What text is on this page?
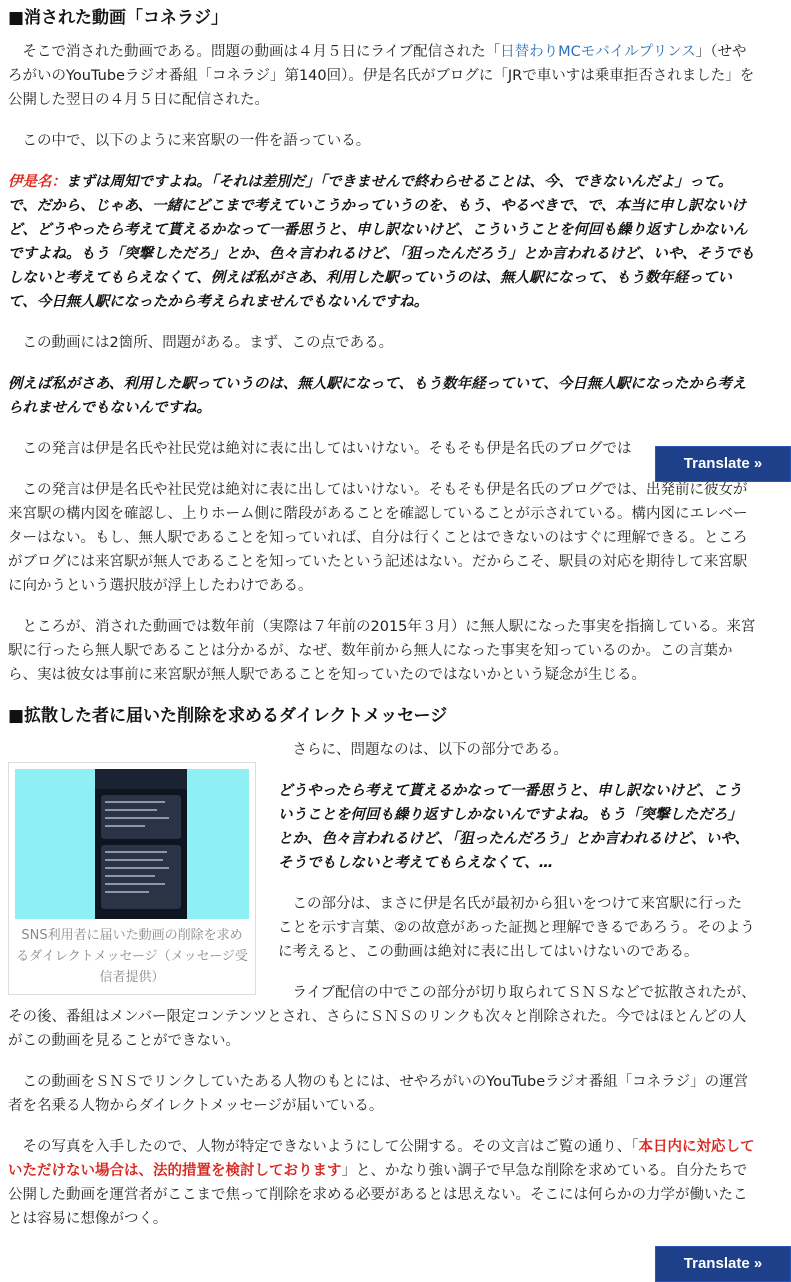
■消された動画「コネラジ」

そこで消された動画である。問題の動画は４月５日にライブ配信された「日替わりMCモバイルプリンス」（せやろがいのYouTubeラジオ番組「コネラジ」第140回）。伊是名氏がブログに「JRで車いすは乗車拒否されました」を公開した翌日の４月５日に配信された。

この中で、以下のように来宮駅の一件を語っている。

伊是名：まずは周知ですよね。「それは差別だ」「できませんで終わらせることは、今、できないんだよ」って。で、だから、じゃあ、一緒にどこまで考えていこうかっていうのを、もう、やるべきで、で、本当に申し訳ないけど、どうやったら考えて貰えるかなって一番思うと、申し訳ないけど、こういうことを何回も繰り返すしかないんですよね。もう「突撃しただろ」とか、色々言われるけど、「狙ったんだろう」とか言われるけど、いや、そうでもしないと考えてもらえなくて、例えば私がさあ、利用した駅っていうのは、無人駅になって、もう数年経っていて、今日無人駅になったから考えられませんでもないんですね。

この動画には2箇所、問題がある。まず、この点である。

例えば私がさあ、利用した駅っていうのは、無人駅になって、もう数年経っていて、今日無人駅になったから考えられませんでもないんですね。

この発言は伊是名氏や社民党は絶対に表に出してはいけない。そもそも伊是名氏のブログでは

この発言は伊是名氏や社民党は絶対に表に出してはいけない。そもそも伊是名氏のブログでは、出発前に彼女が来宮駅の構内図を確認し、上りホーム側に階段があることを確認していることが示されている。構内図にエレベーターはない。もし、無人駅であることを知っていれば、自分は行くことはできないのはすぐに理解できる。ところがブログには来宮駅が無人であることを知っていたという記述はない。だからこそ、駅員の対応を期待して来宮駅に向かうという選択肢が浮上したわけである。

ところが、消された動画では数年前（実際は７年前の2015年３月）に無人駅になった事実を指摘している。来宮駅に行ったら無人駅であることは分かるが、なぜ、数年前から無人になった事実を知っているのか。この言葉から、実は彼女は事前に来宮駅が無人駅であることを知っていたのではないかという疑念が生じる。

■拡散した者に届いた削除を求めるダイレクトメッセージ
SNS利用者に届いた動画の削除を求めるダイレクトメッセージ（メッセージ受信者提供）

さらに、問題なのは、以下の部分である。

どうやったら考えて貰えるかなって一番思うと、申し訳ないけど、こういうことを何回も繰り返すしかないんですよね。もう「突撃しただろ」とか、色々言われるけど、「狙ったんだろう」とか言われるけど、いや、そうでもしないと考えてもらえなくて、…

この部分は、まさに伊是名氏が最初から狙いをつけて来宮駅に行ったことを示す言葉、②の故意があった証拠と理解できるであろう。そのように考えると、この動画は絶対に表に出してはいけないのである。

ライブ配信の中でこの部分が切り取られてＳＮＳなどで拡散されたが、その後、番組はメンバー限定コンテンツとされ、さらにＳＮＳのリンクも次々と削除された。今ではほとんどの人がこの動画を見ることができない。

この動画をＳＮＳでリンクしていたある人物のもとには、せやろがいのYouTubeラジオ番組「コネラジ」の運営者を名乗る人物からダイレクトメッセージが届いている。

その写真を入手したので、人物が特定できないようにして公開する。その文言はご覧の通り、「本日内に対応していただけない場合は、法的措置を検討しております」と、かなり強い調子で早急な削除を求めている。自分たちで公開した動画を運営者がここまで焦って削除を求める必要があるとは思えない。そこには何らかの力学が働いたことは容易に想像がつく。

Translate »
Translate »
